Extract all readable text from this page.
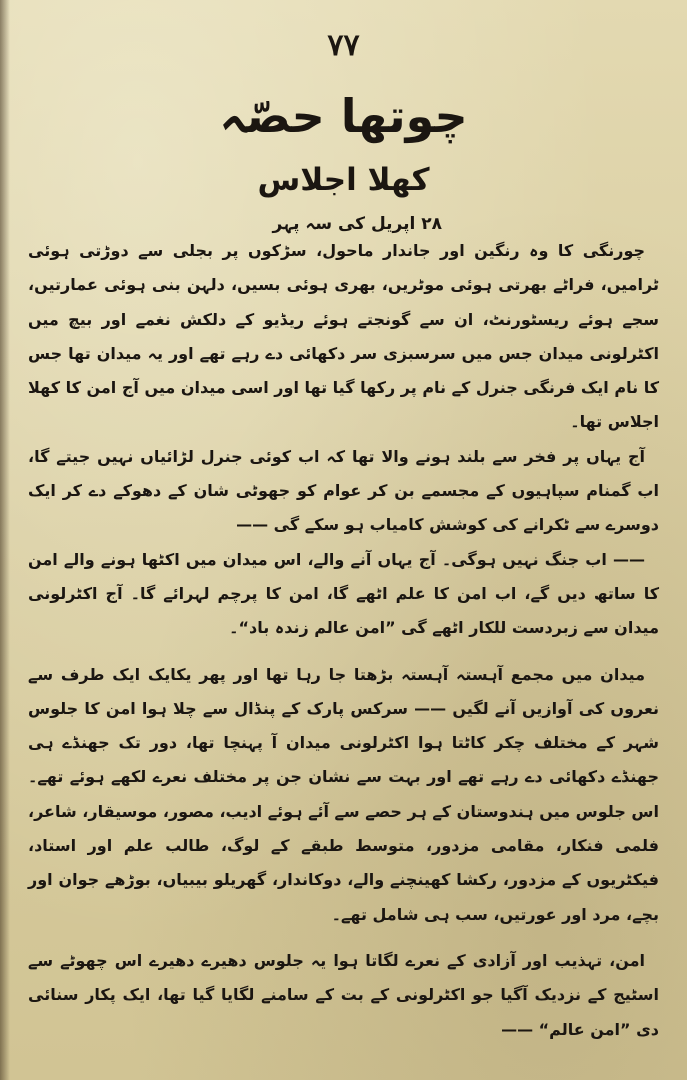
۷۷
چوتھا حصّہ
کھلا اجلاس
۲۸ اپریل کی سہ پہر

چورنگی کا وہ رنگین اور جاندار ماحول، سڑکوں پر بجلی سے دوڑتی ہوئی ٹرامیں، فراٹے بھرتی ہوئی موٹریں، بھری ہوئی بسیں، دلہن بنی ہوئی عمارتیں، سجے ہوئے ریسٹورنٹ، ان سے گونجتے ہوئے ریڈیو کے دلکش نغمے اور بیچ میں اکٹرلونی میدان جس میں سرسبزی سر دکھائی دے رہے تھے اور یہ میدان تھا جس کا نام ایک فرنگی جنرل کے نام پر رکھا گیا تھا اور اسی میدان میں آج امن کا کھلا اجلاس تھا۔

آج یہاں پر فخر سے بلند ہونے والا تھا کہ اب کوئی جنرل لڑائیاں نہیں جیتے گا، اب گمنام سپاہیوں کے مجسمے بن کر عوام کو جھوٹی شان کے دھوکے دے کر ایک دوسرے سے ٹکرانے کی کوشش کامیاب ہو سکے گی ——

—— اب جنگ نہیں ہوگی۔ آج یہاں آنے والے، اس میدان میں اکٹھا ہونے والے امن کا ساتھ دیں گے، اب امن کا علم اٹھے گا، امن کا پرچم لہرائے گا۔ آج اکٹرلونی میدان سے زبردست للکار اٹھے گی ”امن عالم زندہ باد“۔

میدان میں مجمع آہستہ آہستہ بڑھتا جا رہا تھا اور پھر یکایک ایک طرف سے نعروں کی آوازیں آنے لگیں —— سرکس پارک کے پنڈال سے چلا ہوا امن کا جلوس شہر کے مختلف چکر کاٹتا ہوا اکٹرلونی میدان آ پہنچا تھا، دور تک جھنڈے ہی جھنڈے دکھائی دے رہے تھے اور بہت سے نشان جن پر مختلف نعرے لکھے ہوئے تھے۔ اس جلوس میں ہندوستان کے ہر حصے سے آئے ہوئے ادیب، مصور، موسیقار، شاعر، فلمی فنکار، مقامی مزدور، متوسط طبقے کے لوگ، طالب علم اور استاد، فیکٹریوں کے مزدور، رکشا کھینچنے والے، دوکاندار، گھریلو بیبیاں، بوڑھے جوان اور بچے، مرد اور عورتیں، سب ہی شامل تھے۔

امن، تہذیب اور آزادی کے نعرے لگاتا ہوا یہ جلوس دھیرے دھیرے اس چھوٹے سے اسٹیج کے نزدیک آگیا جو اکٹرلونی کے بت کے سامنے لگایا گیا تھا، ایک پکار سنائی دی ”امن عالم“ ——
